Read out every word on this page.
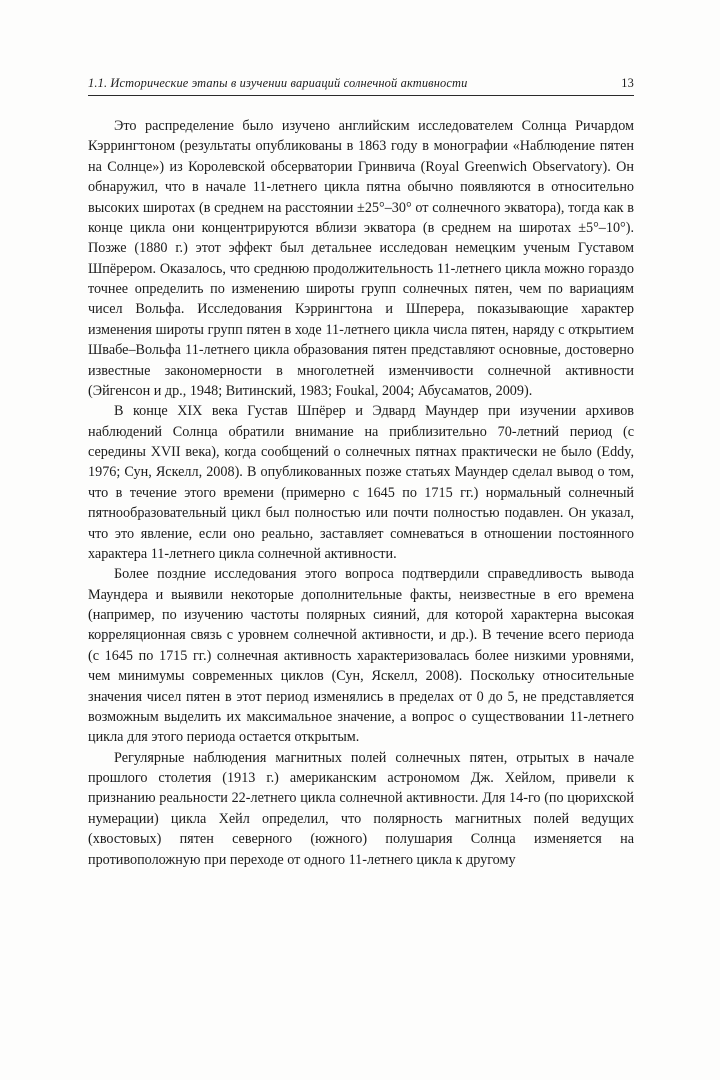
1.1. Исторические этапы в изучении вариаций солнечной активности	13

Это распределение было изучено английским исследователем Солнца Ричардом Кэррингтоном (результаты опубликованы в 1863 году в монографии «Наблюдение пятен на Солнце») из Королевской обсерватории Гринвича (Royal Greenwich Observatory). Он обнаружил, что в начале 11-летнего цикла пятна обычно появляются в относительно высоких широтах (в среднем на расстоянии ±25°–30° от солнечного экватора), тогда как в конце цикла они концентрируются вблизи экватора (в среднем на широтах ±5°–10°). Позже (1880 г.) этот эффект был детальнее исследован немецким ученым Густавом Шпёрером. Оказалось, что среднюю продолжительность 11-летнего цикла можно гораздо точнее определить по изменению широты групп солнечных пятен, чем по вариациям чисел Вольфа. Исследования Кэррингтона и Шперера, показывающие характер изменения широты групп пятен в ходе 11-летнего цикла числа пятен, наряду с открытием Швабе–Вольфа 11-летнего цикла образования пятен представляют основные, достоверно известные закономерности в многолетней изменчивости солнечной активности (Эйгенсон и др., 1948; Витинский, 1983; Foukal, 2004; Абусаматов, 2009).

В конце XIX века Густав Шпёрер и Эдвард Маундер при изучении архивов наблюдений Солнца обратили внимание на приблизительно 70-летний период (с середины XVII века), когда сообщений о солнечных пятнах практически не было (Eddy, 1976; Сун, Яскелл, 2008). В опубликованных позже статьях Маундер сделал вывод о том, что в течение этого времени (примерно с 1645 по 1715 гг.) нормальный солнечный пятнообразовательный цикл был полностью или почти полностью подавлен. Он указал, что это явление, если оно реально, заставляет сомневаться в отношении постоянного характера 11-летнего цикла солнечной активности.

Более поздние исследования этого вопроса подтвердили справедливость вывода Маундера и выявили некоторые дополнительные факты, неизвестные в его времена (например, по изучению частоты полярных сияний, для которой характерна высокая корреляционная связь с уровнем солнечной активности, и др.). В течение всего периода (с 1645 по 1715 гг.) солнечная активность характеризовалась более низкими уровнями, чем минимумы современных циклов (Сун, Яскелл, 2008). Поскольку относительные значения чисел пятен в этот период изменялись в пределах от 0 до 5, не представляется возможным выделить их максимальное значение, а вопрос о существовании 11-летнего цикла для этого периода остается открытым.

Регулярные наблюдения магнитных полей солнечных пятен, отрытых в начале прошлого столетия (1913 г.) американским астрономом Дж. Хейлом, привели к признанию реальности 22-летнего цикла солнечной активности. Для 14-го (по цюрихской нумерации) цикла Хейл определил, что полярность магнитных полей ведущих (хвостовых) пятен северного (южного) полушария Солнца изменяется на противоположную при переходе от одного 11-летнего цикла к другому
